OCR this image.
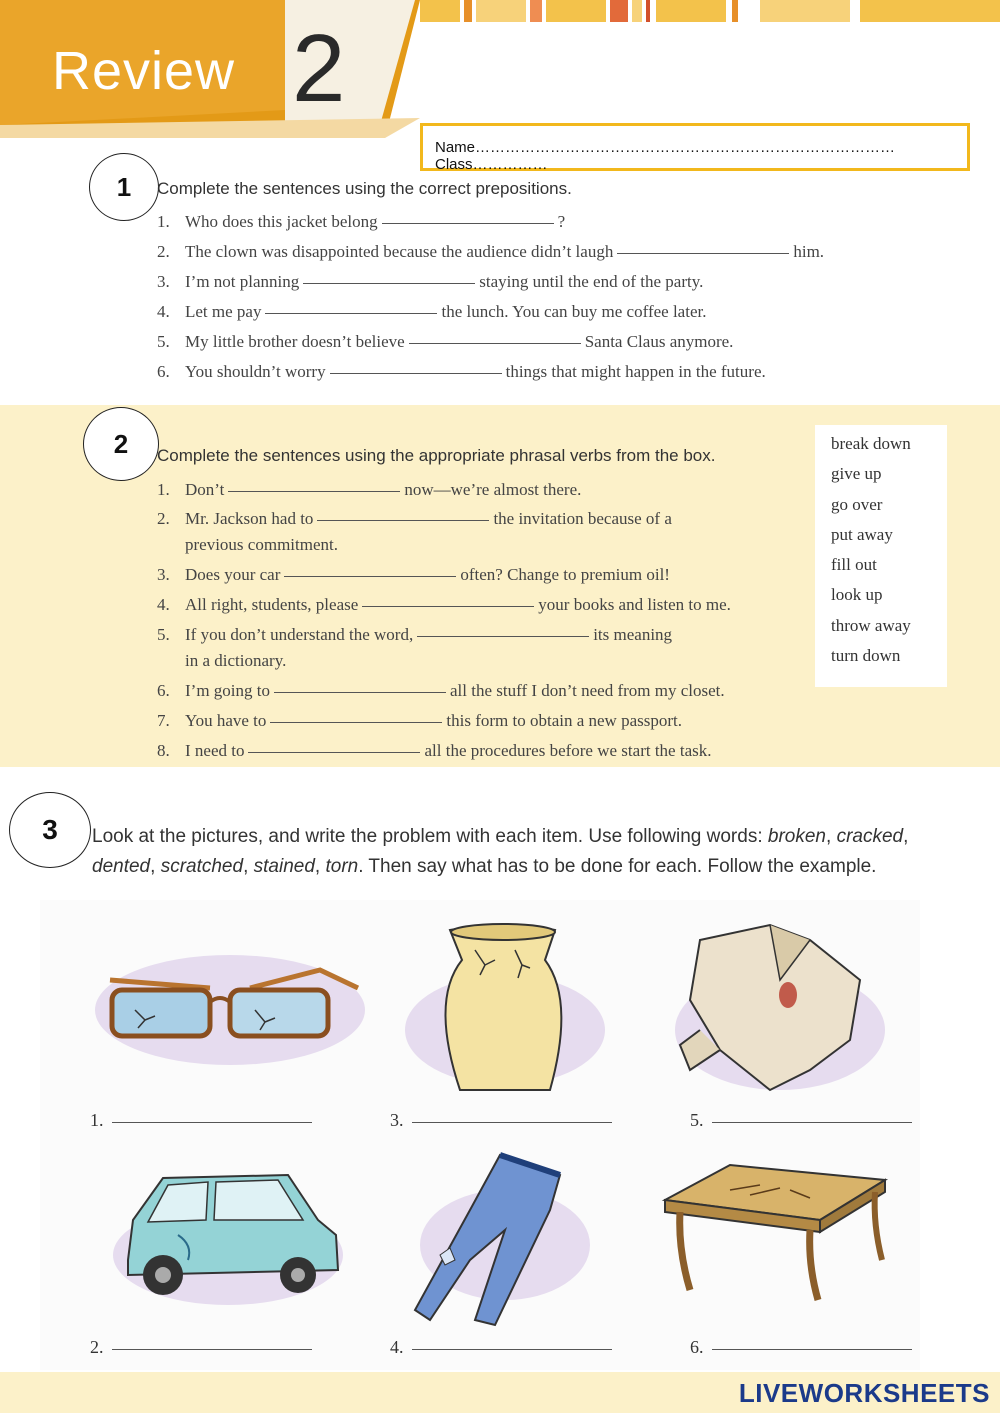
Review 2
Name…………………………………………………………………………Class……………
1	Complete the sentences using the correct prepositions.
1. Who does this jacket belong	?
2. The clown was disappointed because the audience didn’t laugh	him.
3. I’m not planning	staying until the end of the party.
4. Let me pay	the lunch. You can buy me coffee later.
5. My little brother doesn’t believe	Santa Claus anymore.
6. You shouldn’t worry	things that might happen in the future.
2	Complete the sentences using the appropriate phrasal verbs from the box.
1. Don’t	now—we’re almost there.
2. Mr. Jackson had to	the invitation because of a
previous commitment.
3. Does your car	often? Change to premium oil!
4. All right, students, please	your books and listen to me.
5. If you don’t understand the word,	its meaning
in a dictionary.
6. I’m going to	all the stuff I don’t need from my closet.
7. You have to	this form to obtain a new passport.
8. I need to	all the procedures before we start the task.
break down
give up
go over
put away
fill out
look up
throw away
turn down
3	Look at the pictures, and write the problem with each item. Use following words: broken, cracked, dented, scratched, stained, torn. Then say what has to be done for each. Follow the example.
1.	3.	5.
2.	4.	6.
LIVEWORKSHEETS
